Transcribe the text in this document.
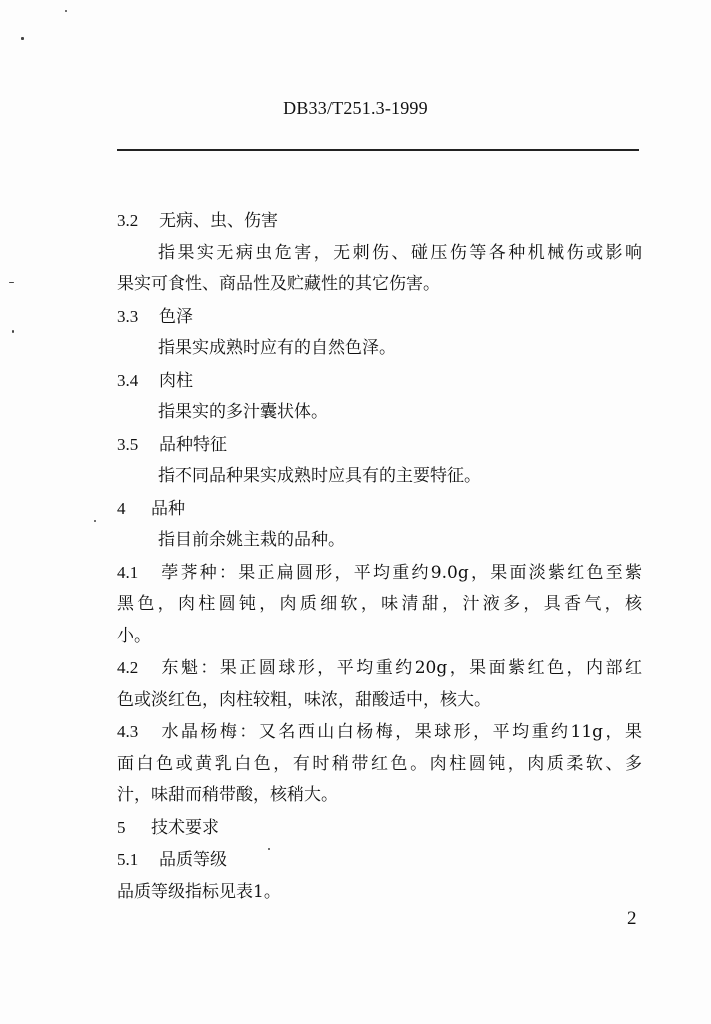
DB33/T251.3-1999
3.2 无病、虫、伤害
指果实无病虫危害，无刺伤、碰压伤等各种机械伤或影响
果实可食性、商品性及贮藏性的其它伤害。
3.3 色泽
指果实成熟时应有的自然色泽。
3.4 肉柱
指果实的多汁囊状体。
3.5 品种特征
指不同品种果实成熟时应具有的主要特征。
4 品种
指目前余姚主栽的品种。
4.1 荸荠种：果正扁圆形，平均重约9.0g，果面淡紫红色至紫
黑色，肉柱圆钝，肉质细软，味清甜，汁液多，具香气，核
小。
4.2 东魁：果正圆球形，平均重约20g，果面紫红色，内部红
色或淡红色，肉柱较粗，味浓，甜酸适中，核大。
4.3 水晶杨梅：又名西山白杨梅，果球形，平均重约11g，果
面白色或黄乳白色，有时稍带红色。肉柱圆钝，肉质柔软、多
汁，味甜而稍带酸，核稍大。
5 技术要求
5.1 品质等级
品质等级指标见表1。
2
